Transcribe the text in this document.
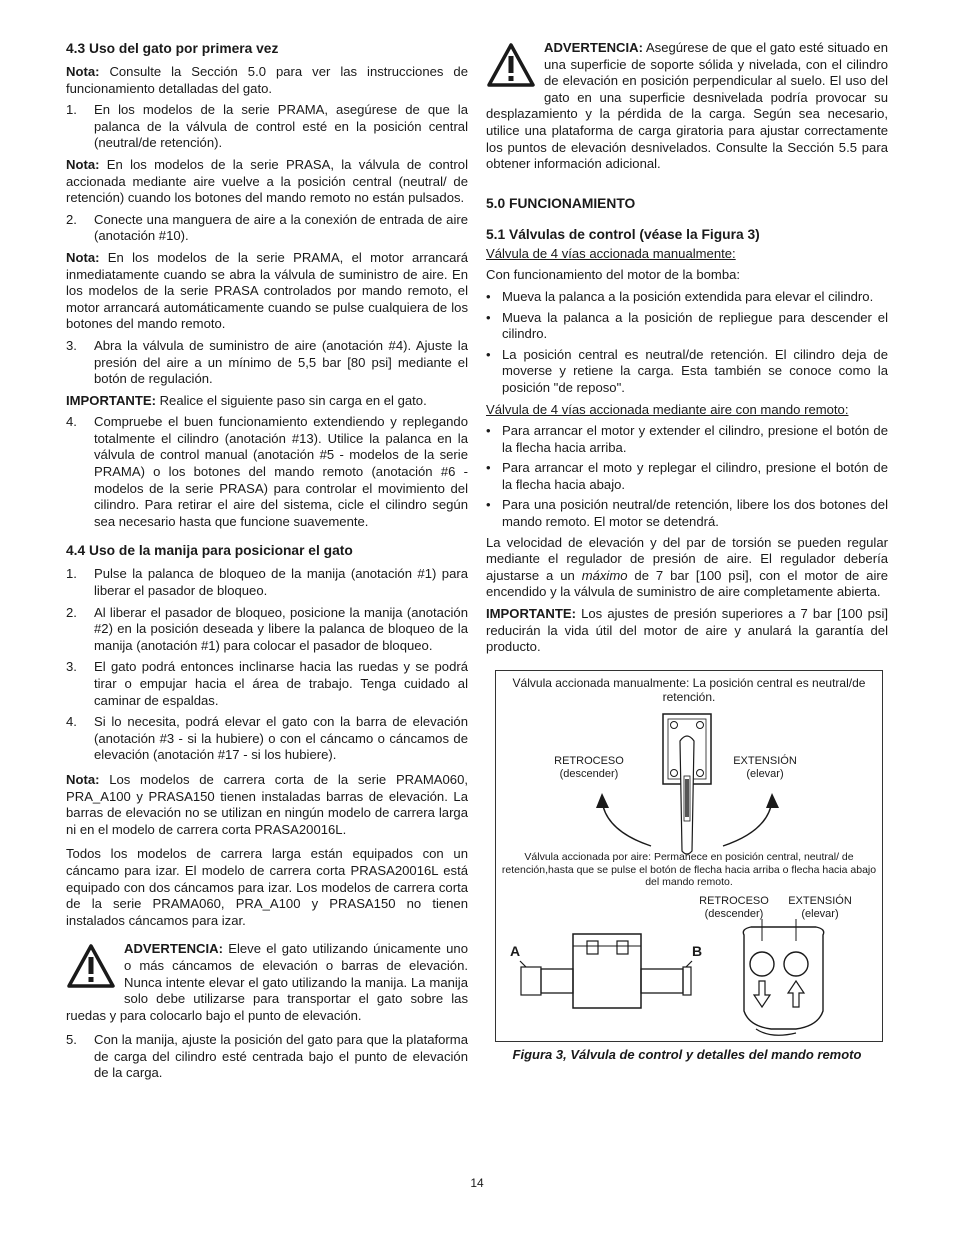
4.3 Uso del gato por primera vez

Nota: Consulte la Sección 5.0 para ver las instrucciones de funcionamiento detalladas del gato.

1.	En los modelos de la serie PRAMA, asegúrese de que la palanca de la válvula de control esté en la posición central (neutral/de retención).

Nota: En los modelos de la serie PRASA, la válvula de control accionada mediante aire vuelve a la posición central (neutral/ de retención) cuando los botones del mando remoto no están pulsados.

2.	Conecte una manguera de aire a la conexión de entrada de aire (anotación #10).

Nota: En los modelos de la serie PRAMA, el motor arrancará inmediatamente cuando se abra la válvula de suministro de aire. En los modelos de la serie PRASA controlados por mando remoto, el motor arrancará automáticamente cuando se pulse cualquiera de los botones del mando remoto.

3.	Abra la válvula de suministro de aire (anotación #4). Ajuste la presión del aire a un mínimo de 5,5 bar [80 psi] mediante el botón de regulación.

IMPORTANTE: Realice el siguiente paso sin carga en el gato.

4.	Compruebe el buen funcionamiento extendiendo y replegando totalmente el cilindro (anotación #13). Utilice la palanca en la válvula de control manual (anotación #5 - modelos de la serie PRAMA) o los botones del mando remoto (anotación #6 - modelos de la serie PRASA) para controlar el movimiento del cilindro. Para retirar el aire del sistema, cicle el cilindro según sea necesario hasta que funcione suavemente.
4.4 Uso de la manija para posicionar el gato
1.	Pulse la palanca de bloqueo de la manija (anotación #1) para liberar el pasador de bloqueo.
2.	Al liberar el pasador de bloqueo, posicione la manija (anotación #2) en la posición deseada y libere la palanca de bloqueo de la manija (anotación #1) para colocar el pasador de bloqueo.
3.	El gato podrá entonces inclinarse hacia las ruedas y se podrá tirar o empujar hacia el área de trabajo. Tenga cuidado al caminar de espaldas.
4.	Si lo necesita, podrá elevar el gato con la barra de elevación (anotación #3 - si la hubiere) o con el cáncamo o cáncamos de elevación (anotación #17 - si los hubiere).

Nota: Los modelos de carrera corta de la serie PRAMA060, PRA_A100 y PRASA150 tienen instaladas barras de elevación. La barras de elevación no se utilizan en ningún modelo de carrera larga ni en el modelo de carrera corta PRASA20016L.

Todos los modelos de carrera larga están equipados con un cáncamo para izar. El modelo de carrera corta PRASA20016L está equipado con dos cáncamos para izar. Los modelos de carrera corta de la serie PRAMA060, PRA_A100 y PRASA150 no tienen instalados cáncamos para izar.

ADVERTENCIA: Eleve el gato utilizando únicamente uno o más cáncamos de elevación o barras de elevación. Nunca intente elevar el gato utilizando la manija. La manija solo debe utilizarse para transportar el gato sobre las ruedas y para colocarlo bajo el punto de elevación.
5.	Con la manija, ajuste la posición del gato para que la plataforma de carga del cilindro esté centrada bajo el punto de elevación de la carga.
ADVERTENCIA: Asegúrese de que el gato esté situado en una superficie de soporte sólida y nivelada, con el cilindro de elevación en posición perpendicular al suelo. El uso del gato en una superficie desnivelada podría provocar su desplazamiento y la pérdida de la carga. Según sea necesario, utilice una plataforma de carga giratoria para ajustar correctamente los puntos de elevación desnivelados. Consulte la Sección 5.5 para obtener información adicional.
5.0 FUNCIONAMIENTO
5.1 Válvulas de control (véase la Figura 3)

Válvula de 4 vías accionada manualmente:

Con funcionamiento del motor de la bomba:

• Mueva la palanca a la posición extendida para elevar el cilindro.
• Mueva la palanca a la posición de repliegue para descender el cilindro.
• La posición central es neutral/de retención. El cilindro deja de moverse y retiene la carga. Esta también se conoce como la posición "de reposo".

Válvula de 4 vías accionada mediante aire con mando remoto:

• Para arrancar el motor y extender el cilindro, presione el botón de la flecha hacia arriba.
• Para arrancar el moto y replegar el cilindro, presione el botón de la flecha hacia abajo.
• Para una posición neutral/de retención, libere los dos botones del mando remoto. El motor se detendrá.

La velocidad de elevación y del par de torsión se pueden regular mediante el regulador de presión de aire. El regulador debería ajustarse a un máximo de 7 bar [100 psi], con el motor de aire encendido y la válvula de suministro de aire completamente abierta.

IMPORTANTE: Los ajustes de presión superiores a 7 bar [100 psi] reducirán la vida útil del motor de aire y anulará la garantía del producto.

Válvula accionada manualmente: La posición central es neutral/de retención.
RETROCESO
(descender)
EXTENSIÓN
(elevar)
Válvula accionada por aire: Permanece en posición central, neutral/ de retención,hasta que se pulse el botón de flecha hacia arriba o flecha hacia abajo del mando remoto.
RETROCESO
(descender)
EXTENSIÓN
(elevar)
A	B
Figura 3, Válvula de control y detalles del mando remoto
14
